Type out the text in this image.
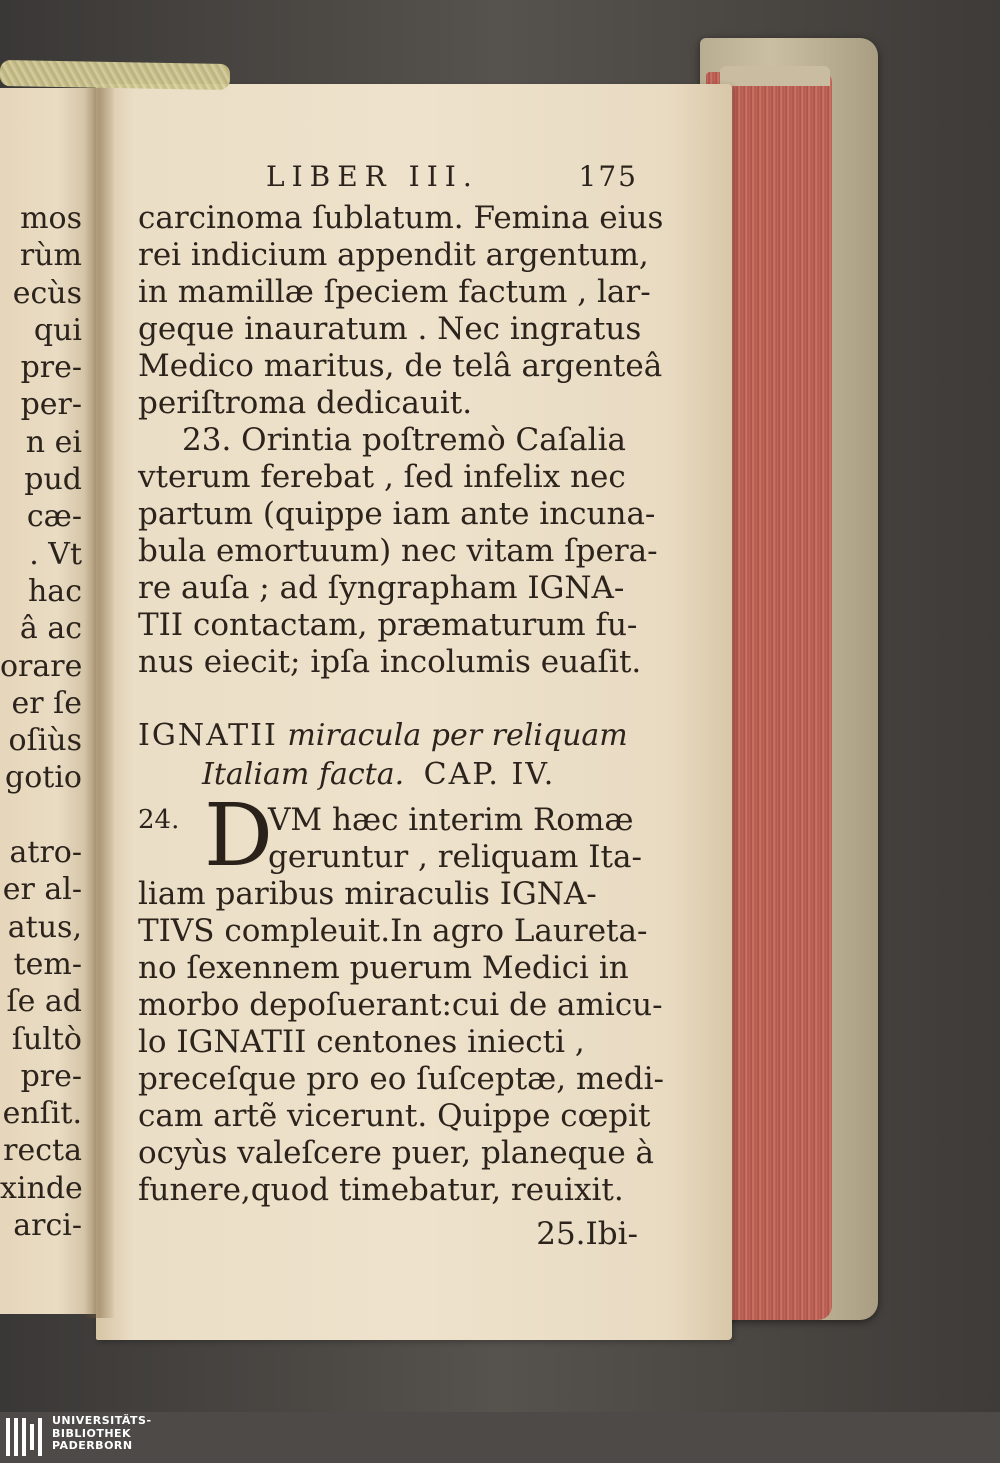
mos
rùm
ecùs
qui
pre-
per-
n ei
pud
cæ-
. Vt
hac
â ac
orare
er ſe
oſiùs
gotio
atro-
er al-
atus,
tem-
ſe ad
ſultò
pre-
enſit.
recta
xinde
arci-
LIBER III.	175
carcinoma ſublatum. Femina eius
rei indicium appendit argentum,
in mamillæ ſpeciem factum , lar-
geque inauratum . Nec ingratus
Medico maritus, de telâ argenteâ
periſtroma dedicauit.
23. Orintia poſtremò Caſalia
vterum ferebat , ſed infelix nec
partum (quippe iam ante incuna-
bula emortuum) nec vitam ſpera-
re auſa ; ad ſyngrapham IGNA-
TII contactam, præmaturum fu-
nus eiecit; ipſa incolumis euaſit.
IGNATII miracula per reliquam
Italiam facta. CAP. IV.
24. D
VM hæc interim Romæ
geruntur , reliquam Ita-
liam paribus miraculis IGNA-
TIVS compleuit.In agro Laureta-
no ſexennem puerum Medici in
morbo depoſuerant:cui de amicu-
lo IGNATII centones iniecti ,
preceſque pro eo ſuſceptæ, medi-
cam artẽ vicerunt. Quippe cœpit
ocyùs valeſcere puer, planeque à
funere,quod timebatur, reuixit.
25.Ibi-
UNIVERSITÄTS-
BIBLIOTHEK
PADERBORN
